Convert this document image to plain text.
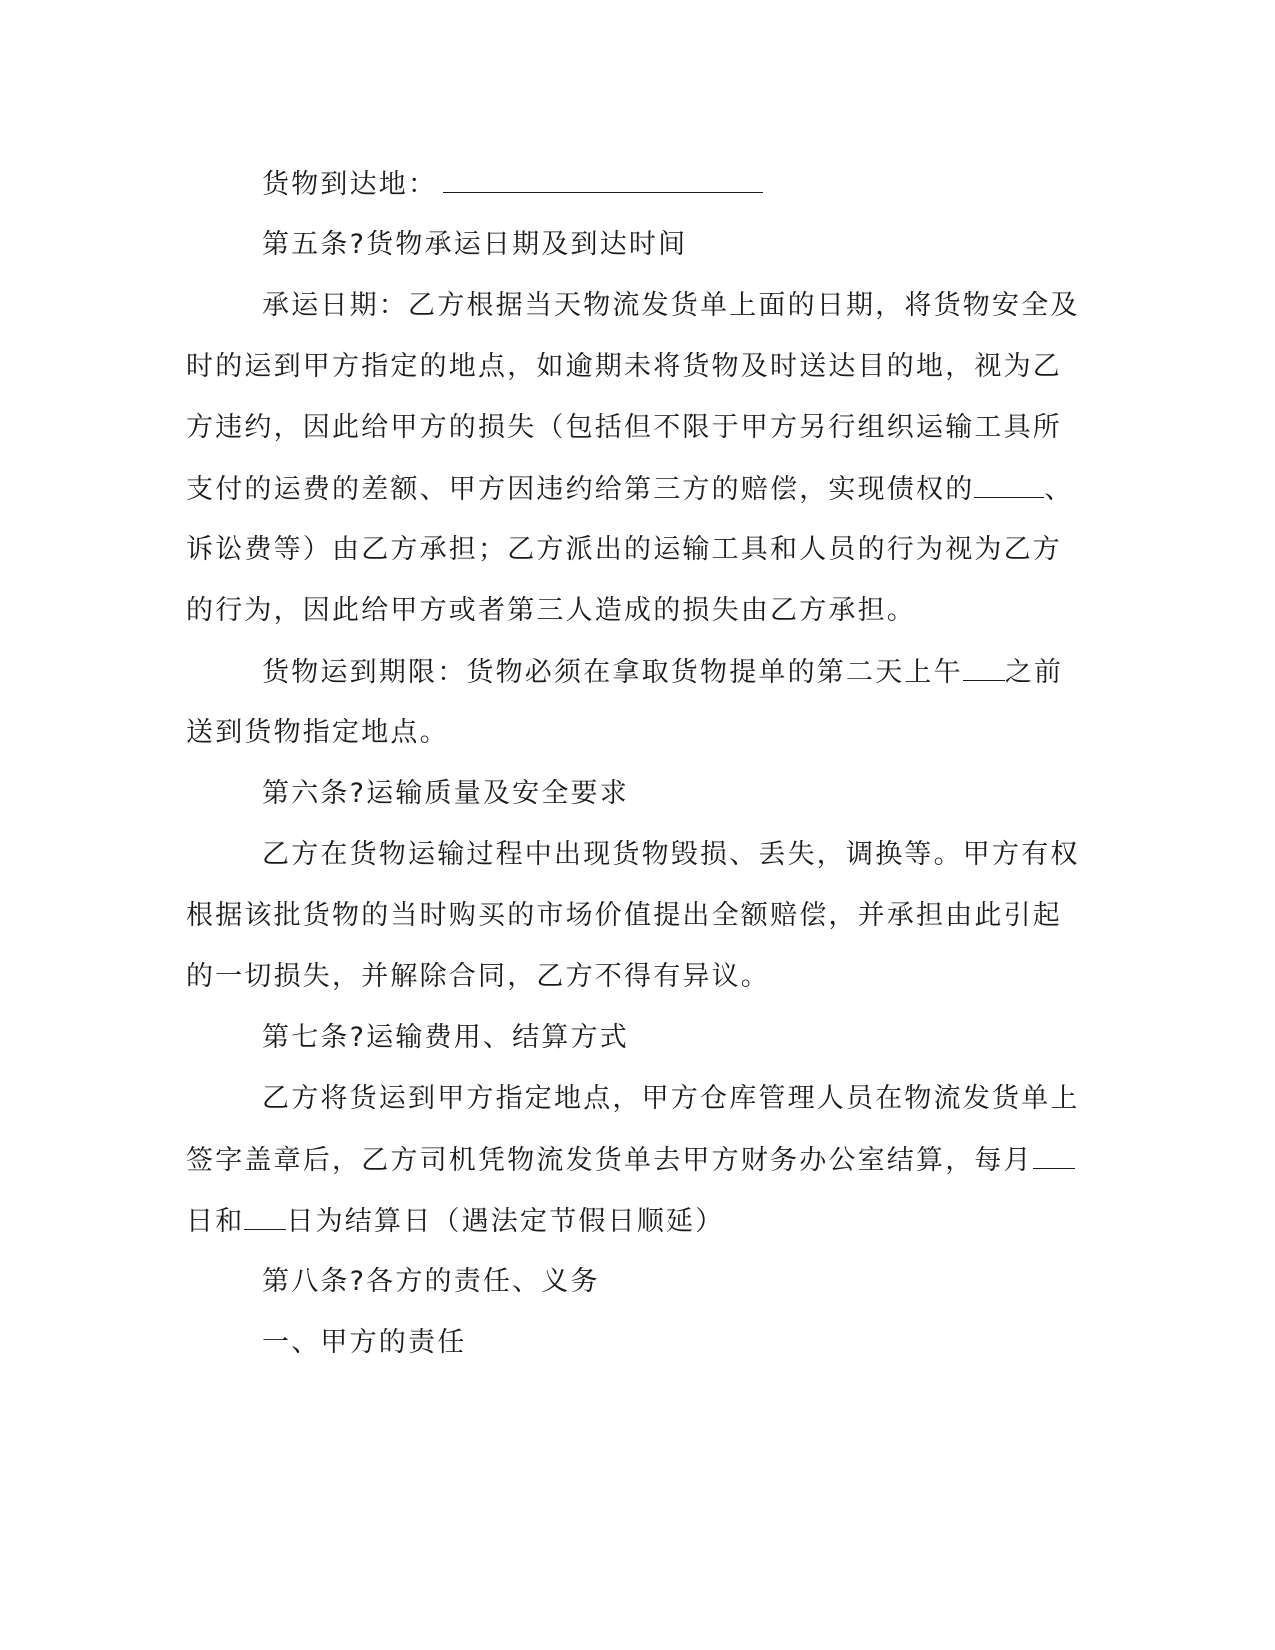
货物到达地：
第五条?货物承运日期及到达时间
承运日期：乙方根据当天物流发货单上面的日期，将货物安全及
时的运到甲方指定的地点，如逾期未将货物及时送达目的地，视为乙
方违约，因此给甲方的损失（包括但不限于甲方另行组织运输工具所
支付的运费的差额、甲方因违约给第三方的赔偿，实现债权的	、
诉讼费等）由乙方承担；乙方派出的运输工具和人员的行为视为乙方
的行为，因此给甲方或者第三人造成的损失由乙方承担。
货物运到期限：货物必须在拿取货物提单的第二天上午 之前
送到货物指定地点。
第六条?运输质量及安全要求
乙方在货物运输过程中出现货物毁损、丢失，调换等。甲方有权
根据该批货物的当时购买的市场价值提出全额赔偿，并承担由此引起
的一切损失，并解除合同，乙方不得有异议。
第七条?运输费用、结算方式
乙方将货运到甲方指定地点，甲方仓库管理人员在物流发货单上
签字盖章后，乙方司机凭物流发货单去甲方财务办公室结算，每月
日和 日为结算日（遇法定节假日顺延）
第八条?各方的责任、义务
一、甲方的责任
